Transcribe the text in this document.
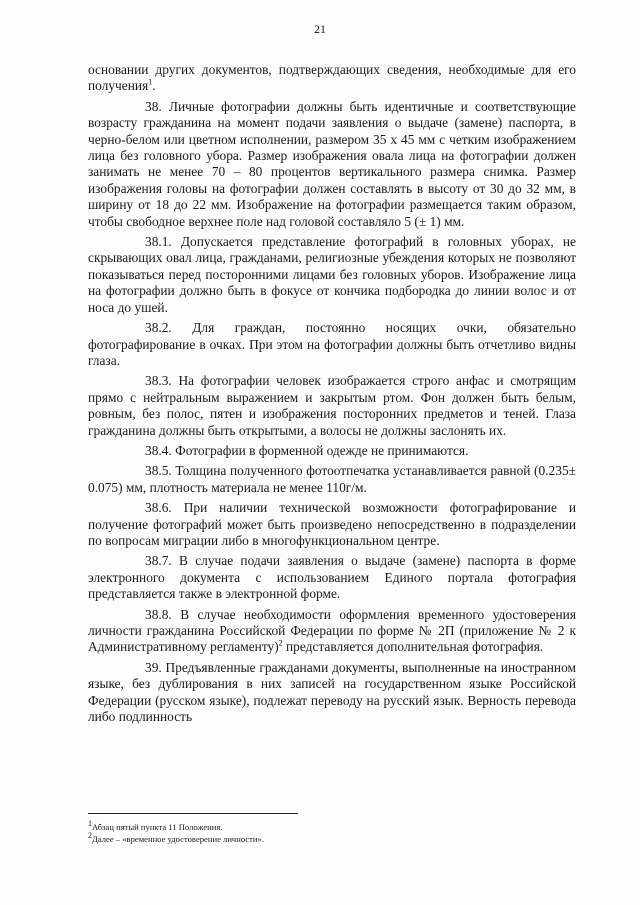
21

основании других документов, подтверждающих сведения, необходимые для его получения$^1$.

38. Личные фотографии должны быть идентичные и соответствующие возрасту гражданина на момент подачи заявления о выдаче (замене) паспорта, в черно-белом или цветном исполнении, размером 35 х 45 мм с четким изображением лица без головного убора. Размер изображения овала лица на фотографии должен занимать не менее 70 – 80 процентов вертикального размера снимка. Размер изображения головы на фотографии должен составлять в высоту от 30 до 32 мм, в ширину от 18 до 22 мм. Изображение на фотографии размещается таким образом, чтобы свободное верхнее поле над головой составляло 5 (± 1) мм.

38.1. Допускается представление фотографий в головных уборах, не скрывающих овал лица, гражданами, религиозные убеждения которых не позволяют показываться перед посторонними лицами без головных уборов. Изображение лица на фотографии должно быть в фокусе от кончика подбородка до линии волос и от носа до ушей.

38.2. Для граждан, постоянно носящих очки, обязательно фотографирование в очках. При этом на фотографии должны быть отчетливо видны глаза.

38.3. На фотографии человек изображается строго анфас и смотрящим прямо с нейтральным выражением и закрытым ртом. Фон должен быть белым, ровным, без полос, пятен и изображения посторонних предметов и теней. Глаза гражданина должны быть открытыми, а волосы не должны заслонять их.

38.4. Фотографии в форменной одежде не принимаются.

38.5. Толщина полученного фотоотпечатка устанавливается равной (0.235± 0.075) мм, плотность материала не менее 110г/м.

38.6. При наличии технической возможности фотографирование и получение фотографий может быть произведено непосредственно в подразделении по вопросам миграции либо в многофункциональном центре.

38.7. В случае подачи заявления о выдаче (замене) паспорта в форме электронного документа с использованием Единого портала фотография представляется также в электронной форме.

38.8. В случае необходимости оформления временного удостоверения личности гражданина Российской Федерации по форме № 2П (приложение № 2 к Административному регламенту)$^2$ представляется дополнительная фотография.

39. Предъявленные гражданами документы, выполненные на иностранном языке, без дублирования в них записей на государственном языке Российской Федерации (русском языке), подлежат переводу на русский язык. Верность перевода либо подлинность

$^1$Абзац пятый пункта 11 Положения.
$^2$Далее – «временное удостоверение личности».
